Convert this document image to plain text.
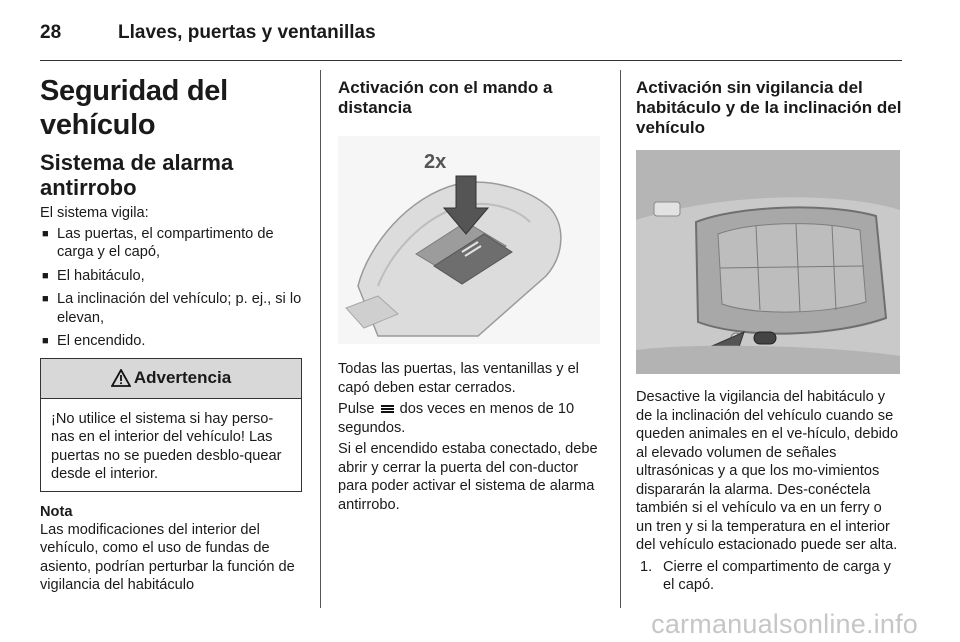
28	Llaves, puertas y ventanillas
Seguridad del vehículo
Sistema de alarma antirrobo
El sistema vigila:
■ Las puertas, el compartimento de carga y el capó,
■ El habitáculo,
■ La inclinación del vehículo; p. ej., si lo elevan,
■ El encendido.
Advertencia
¡No utilice el sistema si hay perso-nas en el interior del vehículo! Las puertas no se pueden desblo-quear desde el interior.
Nota
Las modificaciones del interior del vehículo, como el uso de fundas de asiento, podrían perturbar la función de vigilancia del habitáculo
Activación con el mando a distancia
2x
Todas las puertas, las ventanillas y el capó deben estar cerrados.
Pulse dos veces en menos de 10 segundos.
Si el encendido estaba conectado, debe abrir y cerrar la puerta del con-ductor para poder activar el sistema de alarma antirrobo.
Activación sin vigilancia del habitáculo y de la inclinación del vehículo
Desactive la vigilancia del habitáculo y de la inclinación del vehículo cuando se queden animales en el ve-hículo, debido al elevado volumen de señales ultrasónicas y a que los mo-vimientos dispararán la alarma. Des-conéctela también si el vehículo va en un ferry o un tren y si la temperatura en el interior del vehículo estacionado puede ser alta.
1. Cierre el compartimento de carga y el capó.
carmanualsonline.info
